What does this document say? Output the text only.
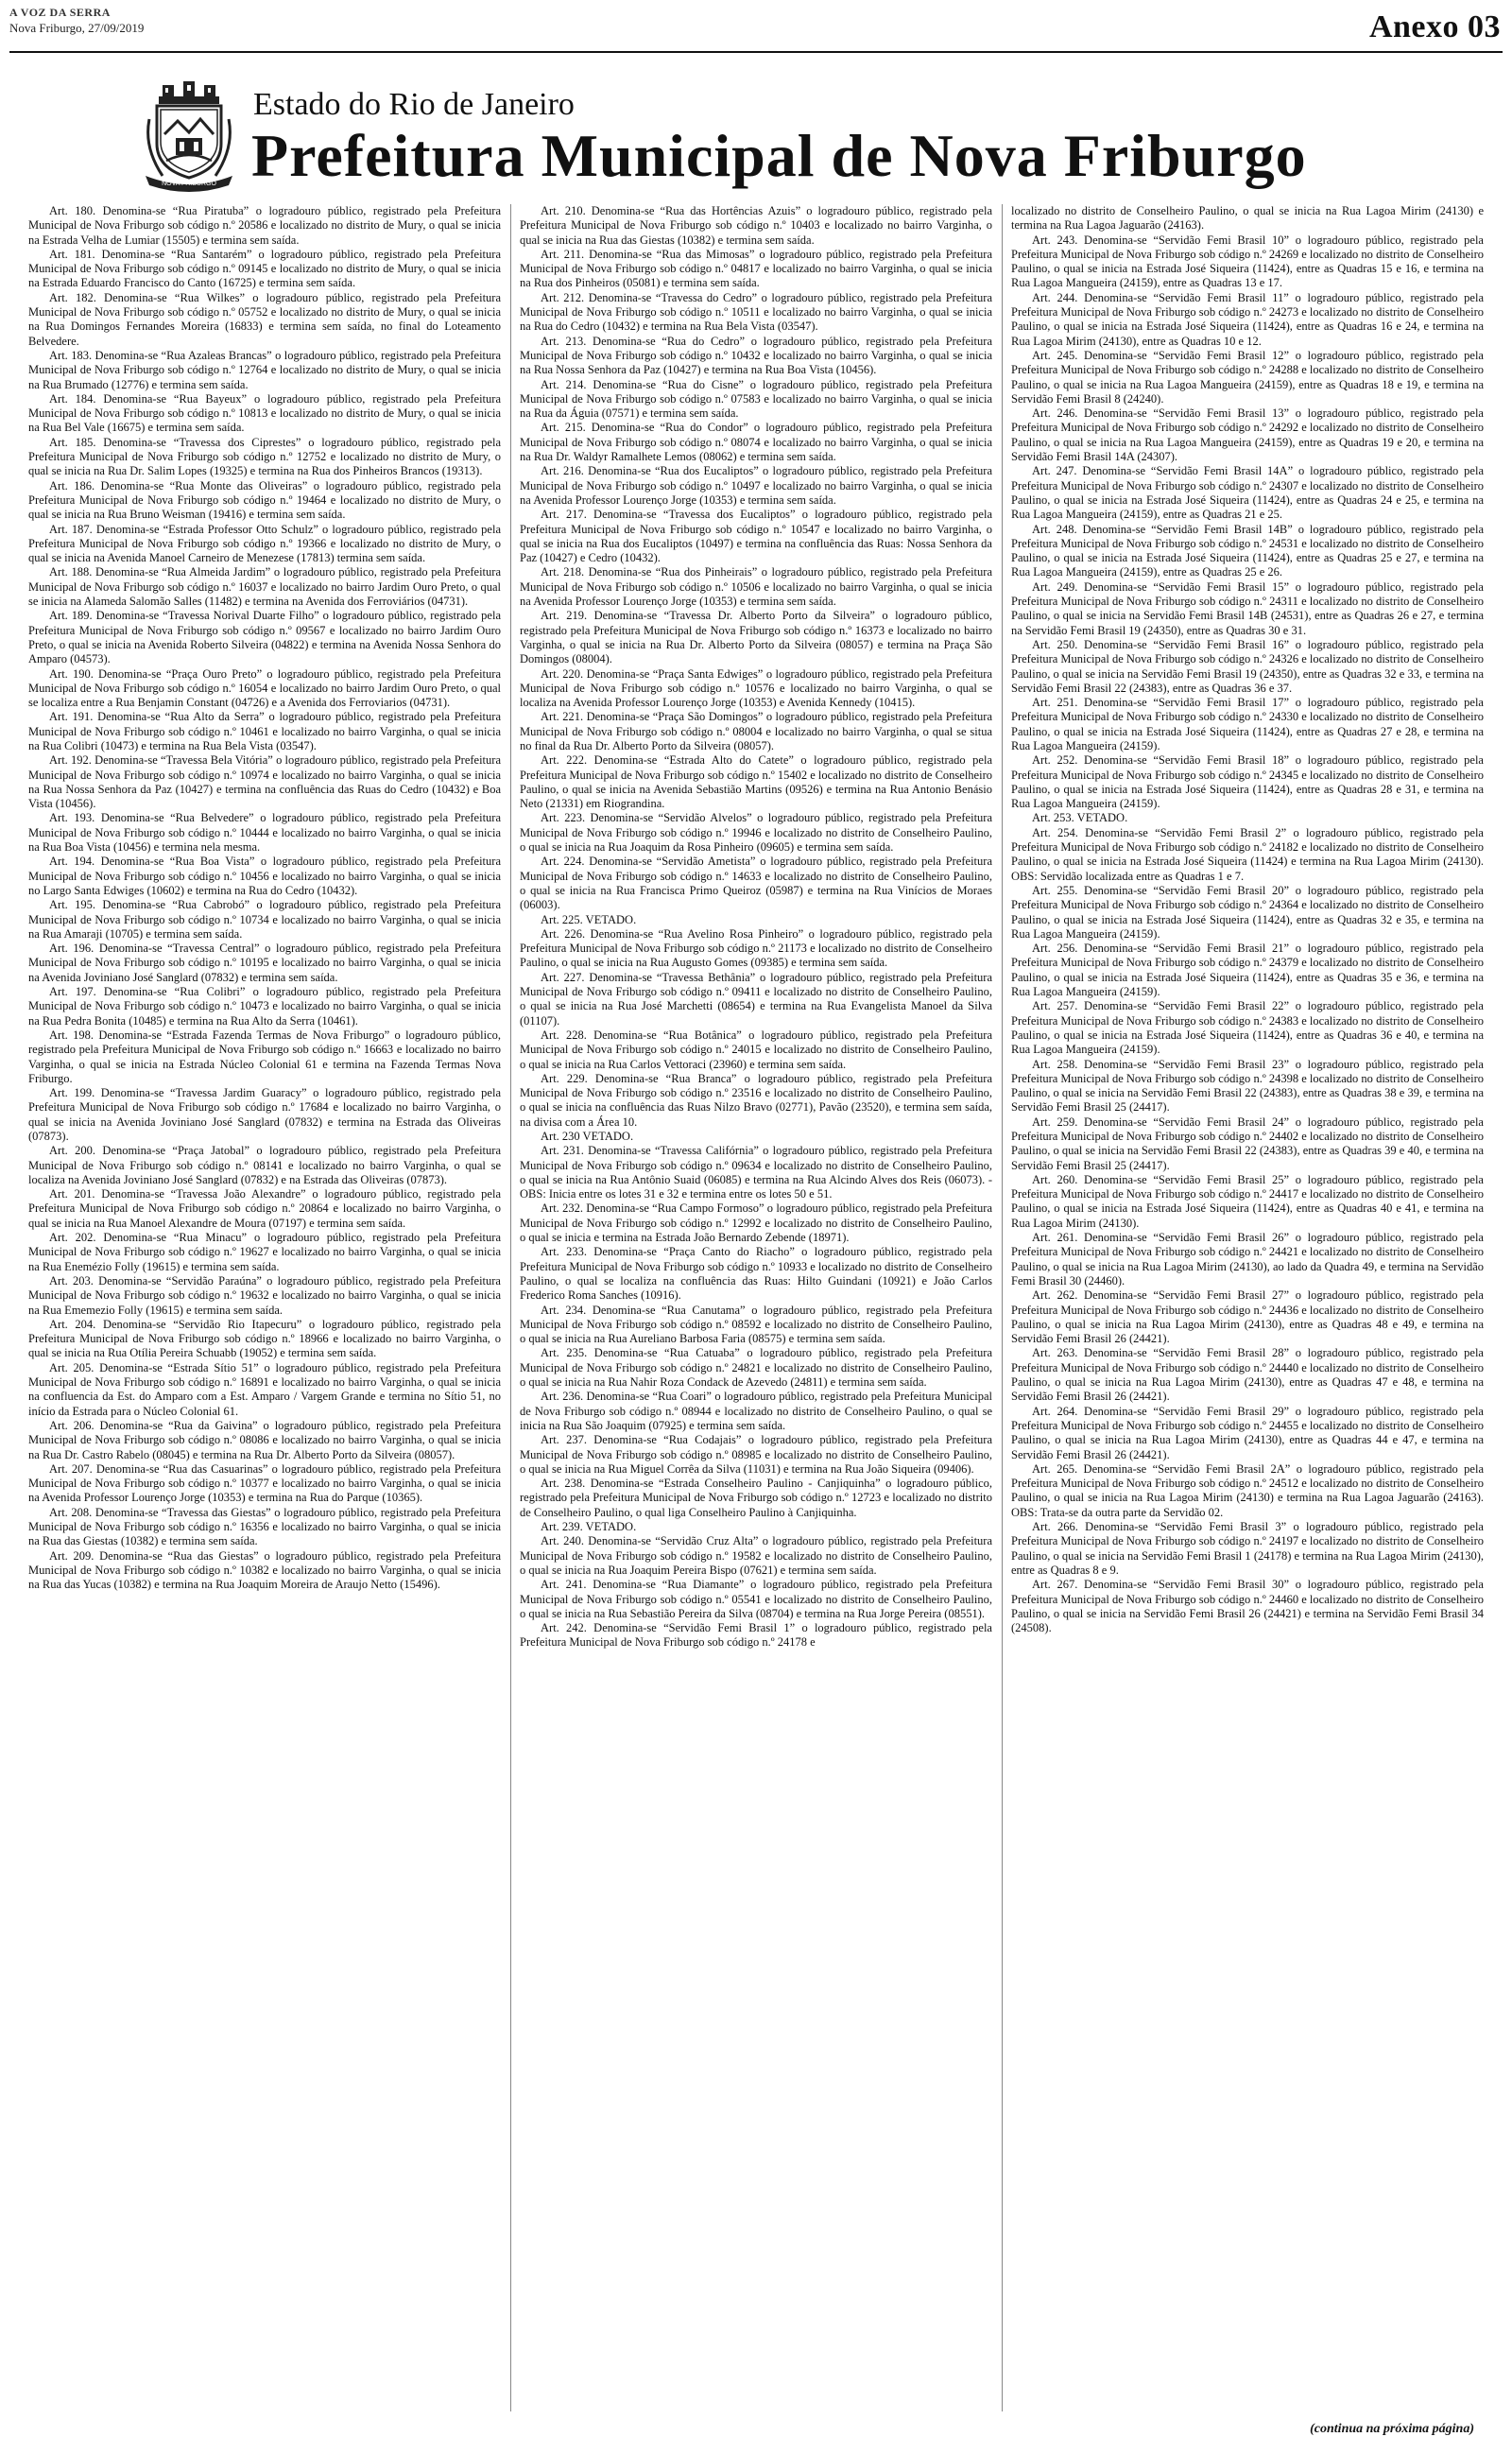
A VOZ DA SERRA
Nova Friburgo, 27/09/2019	Anexo 03
NOVA FRIBURGO
Estado do Rio de Janeiro
Prefeitura Municipal de Nova Friburgo

Art. 180. Denomina-se “Rua Piratuba” o logradouro público, registrado pela Prefeitura Municipal de Nova Friburgo sob código n.º 20586 e localizado no distrito de Mury, o qual se inicia na Estrada Velha de Lumiar (15505) e termina sem saída.

Art. 181. Denomina-se “Rua Santarém” o logradouro público, registrado pela Prefeitura Municipal de Nova Friburgo sob código n.º 09145 e localizado no distrito de Mury, o qual se inicia na Estrada Eduardo Francisco do Canto (16725) e termina sem saída.

Art. 182. Denomina-se “Rua Wilkes” o logradouro público, registrado pela Prefeitura Municipal de Nova Friburgo sob código n.º 05752 e localizado no distrito de Mury, o qual se inicia na Rua Domingos Fernandes Moreira (16833) e termina sem saída, no final do Loteamento Belvedere.

Art. 183. Denomina-se “Rua Azaleas Brancas” o logradouro público, registrado pela Prefeitura Municipal de Nova Friburgo sob código n.º 12764 e localizado no distrito de Mury, o qual se inicia na Rua Brumado (12776) e termina sem saída.

Art. 184. Denomina-se “Rua Bayeux” o logradouro público, registrado pela Prefeitura Municipal de Nova Friburgo sob código n.º 10813 e localizado no distrito de Mury, o qual se inicia na Rua Bel Vale (16675) e termina sem saída.

Art. 185. Denomina-se “Travessa dos Ciprestes” o logradouro público, registrado pela Prefeitura Municipal de Nova Friburgo sob código n.º 12752 e localizado no distrito de Mury, o qual se inicia na Rua Dr. Salim Lopes (19325) e termina na Rua dos Pinheiros Brancos (19313).

Art. 186. Denomina-se “Rua Monte das Oliveiras” o logradouro público, registrado pela Prefeitura Municipal de Nova Friburgo sob código n.º 19464 e localizado no distrito de Mury, o qual se inicia na Rua Bruno Weisman (19416) e termina sem saída.

Art. 187. Denomina-se “Estrada Professor Otto Schulz” o logradouro público, registrado pela Prefeitura Municipal de Nova Friburgo sob código n.º 19366 e localizado no distrito de Mury, o qual se inicia na Avenida Manoel Carneiro de Menezese (17813) termina sem saída.

Art. 188. Denomina-se “Rua Almeida Jardim” o logradouro público, registrado pela Prefeitura Municipal de Nova Friburgo sob código n.º 16037 e localizado no bairro Jardim Ouro Preto, o qual se inicia na Alameda Salomão Salles (11482) e termina na Avenida dos Ferroviários (04731).

Art. 189. Denomina-se “Travessa Norival Duarte Filho” o logradouro público, registrado pela Prefeitura Municipal de Nova Friburgo sob código n.º 09567 e localizado no bairro Jardim Ouro Preto, o qual se inicia na Avenida Roberto Silveira (04822) e termina na Avenida Nossa Senhora do Amparo (04573).

Art. 190. Denomina-se “Praça Ouro Preto” o logradouro público, registrado pela Prefeitura Municipal de Nova Friburgo sob código n.º 16054 e localizado no bairro Jardim Ouro Preto, o qual se localiza entre a Rua Benjamin Constant (04726) e a Avenida dos Ferroviarios (04731).

Art. 191. Denomina-se “Rua Alto da Serra” o logradouro público, registrado pela Prefeitura Municipal de Nova Friburgo sob código n.º 10461 e localizado no bairro Varginha, o qual se inicia na Rua Colibri (10473) e termina na Rua Bela Vista (03547).

Art. 192. Denomina-se “Travessa Bela Vitória” o logradouro público, registrado pela Prefeitura Municipal de Nova Friburgo sob código n.º 10974 e localizado no bairro Varginha, o qual se inicia na Rua Nossa Senhora da Paz (10427) e termina na confluência das Ruas do Cedro (10432) e Boa Vista (10456).

Art. 193. Denomina-se “Rua Belvedere” o logradouro público, registrado pela Prefeitura Municipal de Nova Friburgo sob código n.º 10444 e localizado no bairro Varginha, o qual se inicia na Rua Boa Vista (10456) e termina nela mesma.

Art. 194. Denomina-se “Rua Boa Vista” o logradouro público, registrado pela Prefeitura Municipal de Nova Friburgo sob código n.º 10456 e localizado no bairro Varginha, o qual se inicia no Largo Santa Edwiges (10602) e termina na Rua do Cedro (10432).

Art. 195. Denomina-se “Rua Cabrobó” o logradouro público, registrado pela Prefeitura Municipal de Nova Friburgo sob código n.º 10734 e localizado no bairro Varginha, o qual se inicia na Rua Amaraji (10705) e termina sem saída.

Art. 196. Denomina-se “Travessa Central” o logradouro público, registrado pela Prefeitura Municipal de Nova Friburgo sob código n.º 10195 e localizado no bairro Varginha, o qual se inicia na Avenida Joviniano José Sanglard (07832) e termina sem saída.

Art. 197. Denomina-se “Rua Colibri” o logradouro público, registrado pela Prefeitura Municipal de Nova Friburgo sob código n.º 10473 e localizado no bairro Varginha, o qual se inicia na Rua Pedra Bonita (10485) e termina na Rua Alto da Serra (10461).

Art. 198. Denomina-se “Estrada Fazenda Termas de Nova Friburgo” o logradouro público, registrado pela Prefeitura Municipal de Nova Friburgo sob código n.º 16663 e localizado no bairro Varginha, o qual se inicia na Estrada Núcleo Colonial 61 e termina na Fazenda Termas Nova Friburgo.

Art. 199. Denomina-se “Travessa Jardim Guaracy” o logradouro público, registrado pela Prefeitura Municipal de Nova Friburgo sob código n.º 17684 e localizado no bairro Varginha, o qual se inicia na Avenida Joviniano José Sanglard (07832) e termina na Estrada das Oliveiras (07873).

Art. 200. Denomina-se “Praça Jatobal” o logradouro público, registrado pela Prefeitura Municipal de Nova Friburgo sob código n.º 08141 e localizado no bairro Varginha, o qual se localiza na Avenida Joviniano José Sanglard (07832) e na Estrada das Oliveiras (07873).

Art. 201. Denomina-se “Travessa João Alexandre” o logradouro público, registrado pela Prefeitura Municipal de Nova Friburgo sob código n.º 20864 e localizado no bairro Varginha, o qual se inicia na Rua Manoel Alexandre de Moura (07197) e termina sem saída.

Art. 202. Denomina-se “Rua Minacu” o logradouro público, registrado pela Prefeitura Municipal de Nova Friburgo sob código n.º 19627 e localizado no bairro Varginha, o qual se inicia na Rua Enemézio Folly (19615) e termina sem saída.

Art. 203. Denomina-se “Servidão Paraúna” o logradouro público, registrado pela Prefeitura Municipal de Nova Friburgo sob código n.º 19632 e localizado no bairro Varginha, o qual se inicia na Rua Ememezio Folly (19615) e termina sem saída.

Art. 204. Denomina-se “Servidão Rio Itapecuru” o logradouro público, registrado pela Prefeitura Municipal de Nova Friburgo sob código n.º 18966 e localizado no bairro Varginha, o qual se inicia na Rua Otília Pereira Schuabb (19052) e termina sem saída.

Art. 205. Denomina-se “Estrada Sítio 51” o logradouro público, registrado pela Prefeitura Municipal de Nova Friburgo sob código n.º 16891 e localizado no bairro Varginha, o qual se inicia na confluencia da Est. do Amparo com a Est. Amparo / Vargem Grande e termina no Sítio 51, no início da Estrada para o Núcleo Colonial 61.

Art. 206. Denomina-se “Rua da Gaivina” o logradouro público, registrado pela Prefeitura Municipal de Nova Friburgo sob código n.º 08086 e localizado no bairro Varginha, o qual se inicia na Rua Dr. Castro Rabelo (08045) e termina na Rua Dr. Alberto Porto da Silveira (08057).

Art. 207. Denomina-se “Rua das Casuarinas” o logradouro público, registrado pela Prefeitura Municipal de Nova Friburgo sob código n.º 10377 e localizado no bairro Varginha, o qual se inicia na Avenida Professor Lourenço Jorge (10353) e termina na Rua do Parque (10365).

Art. 208. Denomina-se “Travessa das Giestas” o logradouro público, registrado pela Prefeitura Municipal de Nova Friburgo sob código n.º 16356 e localizado no bairro Varginha, o qual se inicia na Rua das Giestas (10382) e termina sem saída.

Art. 209. Denomina-se “Rua das Giestas” o logradouro público, registrado pela Prefeitura Municipal de Nova Friburgo sob código n.º 10382 e localizado no bairro Varginha, o qual se inicia na Rua das Yucas (10382) e termina na Rua Joaquim Moreira de Araujo Netto (15496).

Art. 210. Denomina-se “Rua das Hortências Azuis” o logradouro público, registrado pela Prefeitura Municipal de Nova Friburgo sob código n.º 10403 e localizado no bairro Varginha, o qual se inicia na Rua das Giestas (10382) e termina sem saída.

Art. 211. Denomina-se “Rua das Mimosas” o logradouro público, registrado pela Prefeitura Municipal de Nova Friburgo sob código n.º 04817 e localizado no bairro Varginha, o qual se inicia na Rua dos Pinheiros (05081) e termina sem saída.

Art. 212. Denomina-se “Travessa do Cedro” o logradouro público, registrado pela Prefeitura Municipal de Nova Friburgo sob código n.º 10511 e localizado no bairro Varginha, o qual se inicia na Rua do Cedro (10432) e termina na Rua Bela Vista (03547).

Art. 213. Denomina-se “Rua do Cedro” o logradouro público, registrado pela Prefeitura Municipal de Nova Friburgo sob código n.º 10432 e localizado no bairro Varginha, o qual se inicia na Rua Nossa Senhora da Paz (10427) e termina na Rua Boa Vista (10456).

Art. 214. Denomina-se “Rua do Cisne” o logradouro público, registrado pela Prefeitura Municipal de Nova Friburgo sob código n.º 07583 e localizado no bairro Varginha, o qual se inicia na Rua da Águia (07571) e termina sem saída.

Art. 215. Denomina-se “Rua do Condor” o logradouro público, registrado pela Prefeitura Municipal de Nova Friburgo sob código n.º 08074 e localizado no bairro Varginha, o qual se inicia na Rua Dr. Waldyr Ramalhete Lemos (08062) e termina sem saída.

Art. 216. Denomina-se “Rua dos Eucaliptos” o logradouro público, registrado pela Prefeitura Municipal de Nova Friburgo sob código n.º 10497 e localizado no bairro Varginha, o qual se inicia na Avenida Professor Lourenço Jorge (10353) e termina sem saída.

Art. 217. Denomina-se “Travessa dos Eucaliptos” o logradouro público, registrado pela Prefeitura Municipal de Nova Friburgo sob código n.º 10547 e localizado no bairro Varginha, o qual se inicia na Rua dos Eucaliptos (10497) e termina na confluência das Ruas: Nossa Senhora da Paz (10427) e Cedro (10432).

Art. 218. Denomina-se “Rua dos Pinheirais” o logradouro público, registrado pela Prefeitura Municipal de Nova Friburgo sob código n.º 10506 e localizado no bairro Varginha, o qual se inicia na Avenida Professor Lourenço Jorge (10353) e termina sem saída.

Art. 219. Denomina-se “Travessa Dr. Alberto Porto da Silveira” o logradouro público, registrado pela Prefeitura Municipal de Nova Friburgo sob código n.º 16373 e localizado no bairro Varginha, o qual se inicia na Rua Dr. Alberto Porto da Silveira (08057) e termina na Praça São Domingos (08004).

Art. 220. Denomina-se “Praça Santa Edwiges” o logradouro público, registrado pela Prefeitura Municipal de Nova Friburgo sob código n.º 10576 e localizado no bairro Varginha, o qual se localiza na Avenida Professor Lourenço Jorge (10353) e Avenida Kennedy (10415).

Art. 221. Denomina-se “Praça São Domingos” o logradouro público, registrado pela Prefeitura Municipal de Nova Friburgo sob código n.º 08004 e localizado no bairro Varginha, o qual se situa no final da Rua Dr. Alberto Porto da Silveira (08057).

Art. 222. Denomina-se “Estrada Alto do Catete” o logradouro público, registrado pela Prefeitura Municipal de Nova Friburgo sob código n.º 15402 e localizado no distrito de Conselheiro Paulino, o qual se inicia na Avenida Sebastião Martins (09526) e termina na Rua Antonio Benásio Neto (21331) em Riograndina.

Art. 223. Denomina-se “Servidão Alvelos” o logradouro público, registrado pela Prefeitura Municipal de Nova Friburgo sob código n.º 19946 e localizado no distrito de Conselheiro Paulino, o qual se inicia na Rua Joaquim da Rosa Pinheiro (09605) e termina sem saída.

Art. 224. Denomina-se “Servidão Ametista” o logradouro público, registrado pela Prefeitura Municipal de Nova Friburgo sob código n.º 14633 e localizado no distrito de Conselheiro Paulino, o qual se inicia na Rua Francisca Primo Queiroz (05987) e termina na Rua Vinícios de Moraes (06003).

Art. 225. VETADO.

Art. 226. Denomina-se “Rua Avelino Rosa Pinheiro” o logradouro público, registrado pela Prefeitura Municipal de Nova Friburgo sob código n.º 21173 e localizado no distrito de Conselheiro Paulino, o qual se inicia na Rua Augusto Gomes (09385) e termina sem saída.

Art. 227. Denomina-se “Travessa Bethânia” o logradouro público, registrado pela Prefeitura Municipal de Nova Friburgo sob código n.º 09411 e localizado no distrito de Conselheiro Paulino, o qual se inicia na Rua José Marchetti (08654) e termina na Rua Evangelista Manoel da Silva (01107).

Art. 228. Denomina-se “Rua Botânica” o logradouro público, registrado pela Prefeitura Municipal de Nova Friburgo sob código n.º 24015 e localizado no distrito de Conselheiro Paulino, o qual se inicia na Rua Carlos Vettoraci (23960) e termina sem saída.

Art. 229. Denomina-se “Rua Branca” o logradouro público, registrado pela Prefeitura Municipal de Nova Friburgo sob código n.º 23516 e localizado no distrito de Conselheiro Paulino, o qual se inicia na confluência das Ruas Nilzo Bravo (02771), Pavão (23520), e termina sem saída, na divisa com a Área 10.

Art. 230 VETADO.

Art. 231. Denomina-se “Travessa Califórnia” o logradouro público, registrado pela Prefeitura Municipal de Nova Friburgo sob código n.º 09634 e localizado no distrito de Conselheiro Paulino, o qual se inicia na Rua Antônio Suaid (06085) e termina na Rua Alcindo Alves dos Reis (06073). - OBS: Inicia entre os lotes 31 e 32 e termina entre os lotes 50 e 51.

Art. 232. Denomina-se “Rua Campo Formoso” o logradouro público, registrado pela Prefeitura Municipal de Nova Friburgo sob código n.º 12992 e localizado no distrito de Conselheiro Paulino, o qual se inicia e termina na Estrada João Bernardo Zebende (18971).

Art. 233. Denomina-se “Praça Canto do Riacho” o logradouro público, registrado pela Prefeitura Municipal de Nova Friburgo sob código n.º 10933 e localizado no distrito de Conselheiro Paulino, o qual se localiza na confluência das Ruas: Hilto Guindani (10921) e João Carlos Frederico Roma Sanches (10916).

Art. 234. Denomina-se “Rua Canutama” o logradouro público, registrado pela Prefeitura Municipal de Nova Friburgo sob código n.º 08592 e localizado no distrito de Conselheiro Paulino, o qual se inicia na Rua Aureliano Barbosa Faria (08575) e termina sem saída.

Art. 235. Denomina-se “Rua Catuaba” o logradouro público, registrado pela Prefeitura Municipal de Nova Friburgo sob código n.º 24821 e localizado no distrito de Conselheiro Paulino, o qual se inicia na Rua Nahir Roza Condack de Azevedo (24811) e termina sem saída.

Art. 236. Denomina-se “Rua Coari” o logradouro público, registrado pela Prefeitura Municipal de Nova Friburgo sob código n.º 08944 e localizado no distrito de Conselheiro Paulino, o qual se inicia na Rua São Joaquim (07925) e termina sem saída.

Art. 237. Denomina-se “Rua Codajais” o logradouro público, registrado pela Prefeitura Municipal de Nova Friburgo sob código n.º 08985 e localizado no distrito de Conselheiro Paulino, o qual se inicia na Rua Miguel Corrêa da Silva (11031) e termina na Rua João Siqueira (09406).

Art. 238. Denomina-se “Estrada Conselheiro Paulino - Canjiquinha” o logradouro público, registrado pela Prefeitura Municipal de Nova Friburgo sob código n.º 12723 e localizado no distrito de Conselheiro Paulino, o qual liga Conselheiro Paulino à Canjiquinha.

Art. 239. VETADO.

Art. 240. Denomina-se “Servidão Cruz Alta” o logradouro público, registrado pela Prefeitura Municipal de Nova Friburgo sob código n.º 19582 e localizado no distrito de Conselheiro Paulino, o qual se inicia na Rua Joaquim Pereira Bispo (07621) e termina sem saída.

Art. 241. Denomina-se “Rua Diamante” o logradouro público, registrado pela Prefeitura Municipal de Nova Friburgo sob código n.º 05541 e localizado no distrito de Conselheiro Paulino, o qual se inicia na Rua Sebastião Pereira da Silva (08704) e termina na Rua Jorge Pereira (08551).

Art. 242. Denomina-se “Servidão Femi Brasil 1” o logradouro público, registrado pela Prefeitura Municipal de Nova Friburgo sob código n.º 24178 e

localizado no distrito de Conselheiro Paulino, o qual se inicia na Rua Lagoa Mirim (24130) e termina na Rua Lagoa Jaguarão (24163).

Art. 243. Denomina-se “Servidão Femi Brasil 10” o logradouro público, registrado pela Prefeitura Municipal de Nova Friburgo sob código n.º 24269 e localizado no distrito de Conselheiro Paulino, o qual se inicia na Estrada José Siqueira (11424), entre as Quadras 15 e 16, e termina na Rua Lagoa Mangueira (24159), entre as Quadras 13 e 17.

Art. 244. Denomina-se “Servidão Femi Brasil 11” o logradouro público, registrado pela Prefeitura Municipal de Nova Friburgo sob código n.º 24273 e localizado no distrito de Conselheiro Paulino, o qual se inicia na Estrada José Siqueira (11424), entre as Quadras 16 e 24, e termina na Rua Lagoa Mirim (24130), entre as Quadras 10 e 12.

Art. 245. Denomina-se “Servidão Femi Brasil 12” o logradouro público, registrado pela Prefeitura Municipal de Nova Friburgo sob código n.º 24288 e localizado no distrito de Conselheiro Paulino, o qual se inicia na Rua Lagoa Mangueira (24159), entre as Quadras 18 e 19, e termina na Servidão Femi Brasil 8 (24240).

Art. 246. Denomina-se “Servidão Femi Brasil 13” o logradouro público, registrado pela Prefeitura Municipal de Nova Friburgo sob código n.º 24292 e localizado no distrito de Conselheiro Paulino, o qual se inicia na Rua Lagoa Mangueira (24159), entre as Quadras 19 e 20, e termina na Servidão Femi Brasil 14A (24307).

Art. 247. Denomina-se “Servidão Femi Brasil 14A” o logradouro público, registrado pela Prefeitura Municipal de Nova Friburgo sob código n.º 24307 e localizado no distrito de Conselheiro Paulino, o qual se inicia na Estrada José Siqueira (11424), entre as Quadras 24 e 25, e termina na Rua Lagoa Mangueira (24159), entre as Quadras 21 e 25.

Art. 248. Denomina-se “Servidão Femi Brasil 14B” o logradouro público, registrado pela Prefeitura Municipal de Nova Friburgo sob código n.º 24531 e localizado no distrito de Conselheiro Paulino, o qual se inicia na Estrada José Siqueira (11424), entre as Quadras 25 e 27, e termina na Rua Lagoa Mangueira (24159), entre as Quadras 25 e 26.

Art. 249. Denomina-se “Servidão Femi Brasil 15” o logradouro público, registrado pela Prefeitura Municipal de Nova Friburgo sob código n.º 24311 e localizado no distrito de Conselheiro Paulino, o qual se inicia na Servidão Femi Brasil 14B (24531), entre as Quadras 26 e 27, e termina na Servidão Femi Brasil 19 (24350), entre as Quadras 30 e 31.

Art. 250. Denomina-se “Servidão Femi Brasil 16” o logradouro público, registrado pela Prefeitura Municipal de Nova Friburgo sob código n.º 24326 e localizado no distrito de Conselheiro Paulino, o qual se inicia na Servidão Femi Brasil 19 (24350), entre as Quadras 32 e 33, e termina na Servidão Femi Brasil 22 (24383), entre as Quadras 36 e 37.

Art. 251. Denomina-se “Servidão Femi Brasil 17” o logradouro público, registrado pela Prefeitura Municipal de Nova Friburgo sob código n.º 24330 e localizado no distrito de Conselheiro Paulino, o qual se inicia na Estrada José Siqueira (11424), entre as Quadras 27 e 28, e termina na Rua Lagoa Mangueira (24159).

Art. 252. Denomina-se “Servidão Femi Brasil 18” o logradouro público, registrado pela Prefeitura Municipal de Nova Friburgo sob código n.º 24345 e localizado no distrito de Conselheiro Paulino, o qual se inicia na Estrada José Siqueira (11424), entre as Quadras 28 e 31, e termina na Rua Lagoa Mangueira (24159).

Art. 253. VETADO.

Art. 254. Denomina-se “Servidão Femi Brasil 2” o logradouro público, registrado pela Prefeitura Municipal de Nova Friburgo sob código n.º 24182 e localizado no distrito de Conselheiro Paulino, o qual se inicia na Estrada José Siqueira (11424) e termina na Rua Lagoa Mirim (24130). OBS: Servidão localizada entre as Quadras 1 e 7.

Art. 255. Denomina-se “Servidão Femi Brasil 20” o logradouro público, registrado pela Prefeitura Municipal de Nova Friburgo sob código n.º 24364 e localizado no distrito de Conselheiro Paulino, o qual se inicia na Estrada José Siqueira (11424), entre as Quadras 32 e 35, e termina na Rua Lagoa Mangueira (24159).

Art. 256. Denomina-se “Servidão Femi Brasil 21” o logradouro público, registrado pela Prefeitura Municipal de Nova Friburgo sob código n.º 24379 e localizado no distrito de Conselheiro Paulino, o qual se inicia na Estrada José Siqueira (11424), entre as Quadras 35 e 36, e termina na Rua Lagoa Mangueira (24159).

Art. 257. Denomina-se “Servidão Femi Brasil 22” o logradouro público, registrado pela Prefeitura Municipal de Nova Friburgo sob código n.º 24383 e localizado no distrito de Conselheiro Paulino, o qual se inicia na Estrada José Siqueira (11424), entre as Quadras 36 e 40, e termina na Rua Lagoa Mangueira (24159).

Art. 258. Denomina-se “Servidão Femi Brasil 23” o logradouro público, registrado pela Prefeitura Municipal de Nova Friburgo sob código n.º 24398 e localizado no distrito de Conselheiro Paulino, o qual se inicia na Servidão Femi Brasil 22 (24383), entre as Quadras 38 e 39, e termina na Servidão Femi Brasil 25 (24417).

Art. 259. Denomina-se “Servidão Femi Brasil 24” o logradouro público, registrado pela Prefeitura Municipal de Nova Friburgo sob código n.º 24402 e localizado no distrito de Conselheiro Paulino, o qual se inicia na Servidão Femi Brasil 22 (24383), entre as Quadras 39 e 40, e termina na Servidão Femi Brasil 25 (24417).

Art. 260. Denomina-se “Servidão Femi Brasil 25” o logradouro público, registrado pela Prefeitura Municipal de Nova Friburgo sob código n.º 24417 e localizado no distrito de Conselheiro Paulino, o qual se inicia na Estrada José Siqueira (11424), entre as Quadras 40 e 41, e termina na Rua Lagoa Mirim (24130).

Art. 261. Denomina-se “Servidão Femi Brasil 26” o logradouro público, registrado pela Prefeitura Municipal de Nova Friburgo sob código n.º 24421 e localizado no distrito de Conselheiro Paulino, o qual se inicia na Rua Lagoa Mirim (24130), ao lado da Quadra 49, e termina na Servidão Femi Brasil 30 (24460).

Art. 262. Denomina-se “Servidão Femi Brasil 27” o logradouro público, registrado pela Prefeitura Municipal de Nova Friburgo sob código n.º 24436 e localizado no distrito de Conselheiro Paulino, o qual se inicia na Rua Lagoa Mirim (24130), entre as Quadras 48 e 49, e termina na Servidão Femi Brasil 26 (24421).

Art. 263. Denomina-se “Servidão Femi Brasil 28” o logradouro público, registrado pela Prefeitura Municipal de Nova Friburgo sob código n.º 24440 e localizado no distrito de Conselheiro Paulino, o qual se inicia na Rua Lagoa Mirim (24130), entre as Quadras 47 e 48, e termina na Servidão Femi Brasil 26 (24421).

Art. 264. Denomina-se “Servidão Femi Brasil 29” o logradouro público, registrado pela Prefeitura Municipal de Nova Friburgo sob código n.º 24455 e localizado no distrito de Conselheiro Paulino, o qual se inicia na Rua Lagoa Mirim (24130), entre as Quadras 44 e 47, e termina na Servidão Femi Brasil 26 (24421).

Art. 265. Denomina-se “Servidão Femi Brasil 2A” o logradouro público, registrado pela Prefeitura Municipal de Nova Friburgo sob código n.º 24512 e localizado no distrito de Conselheiro Paulino, o qual se inicia na Rua Lagoa Mirim (24130) e termina na Rua Lagoa Jaguarão (24163). OBS: Trata-se da outra parte da Servidão 02.

Art. 266. Denomina-se “Servidão Femi Brasil 3” o logradouro público, registrado pela Prefeitura Municipal de Nova Friburgo sob código n.º 24197 e localizado no distrito de Conselheiro Paulino, o qual se inicia na Servidão Femi Brasil 1 (24178) e termina na Rua Lagoa Mirim (24130), entre as Quadras 8 e 9.

Art. 267. Denomina-se “Servidão Femi Brasil 30” o logradouro público, registrado pela Prefeitura Municipal de Nova Friburgo sob código n.º 24460 e localizado no distrito de Conselheiro Paulino, o qual se inicia na Servidão Femi Brasil 26 (24421) e termina na Servidão Femi Brasil 34 (24508).

(continua na próxima página)
